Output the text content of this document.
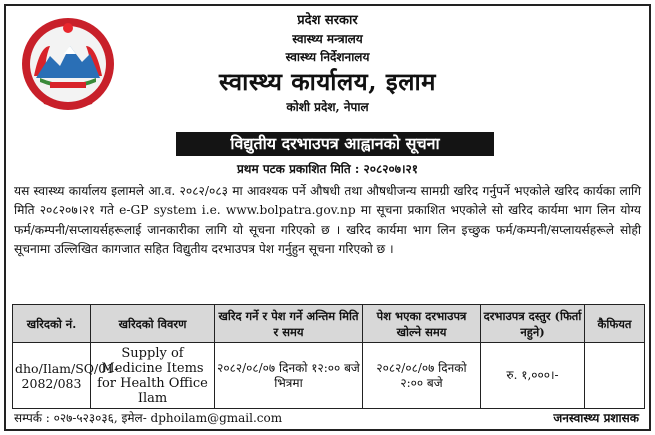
प्रदेश सरकार
स्वास्थ्य मन्त्रालय
स्वास्थ्य निर्देशनालय
स्वास्थ्य कार्यालय, इलाम
कोशी प्रदेश, नेपाल
विद्युतीय दरभाउपत्र आह्वानको सूचना
प्रथम पटक प्रकाशित मिति : २०८२०७।२१

यस स्वास्थ्य कार्यालय इलामले आ.व. २०८२/०८३ मा आवश्यक पर्ने औषधी तथा औषधीजन्य सामग्री खरिद गर्नुपर्ने भएकोले खरिद कार्यका लागि मिति २०८२०७।२१ गते e-GP system i.e. www.bolpatra.gov.np मा सूचना प्रकाशित भएकोले सो खरिद कार्यमा भाग लिन योग्य फर्म/कम्पनी/सप्लायर्सहरूलाई जानकारीका लागि यो सूचना गरिएको छ । खरिद कार्यमा भाग लिन इच्छुक फर्म/कम्पनी/सप्लायर्सहरूले सोही सूचनामा उल्लिखित कागजात सहित विद्युतीय दरभाउपत्र पेश गर्नुहुन सूचना गरिएको छ ।

खरिदको नं.	खरिदको विवरण	खरिद गर्ने र पेश गर्ने अन्तिम मिति र समय	पेश भएका दरभाउपत्र खोल्ने समय	दरभाउपत्र दस्तुर (फिर्ता नहुने)	कैफियत
dho/Ilam/SQ/01-2082/083	Supply of Medicine Items for Health Office Ilam	२०८२/०८/०७ दिनको १२:०० बजे भित्रमा	२०८२/०८/०७ दिनको २:०० बजे	रु. १,०००।-	
सम्पर्क : ०२७-५२३०३६, इमेल- dphoilam@gmail.com	जनस्वास्थ्य प्रशासक
